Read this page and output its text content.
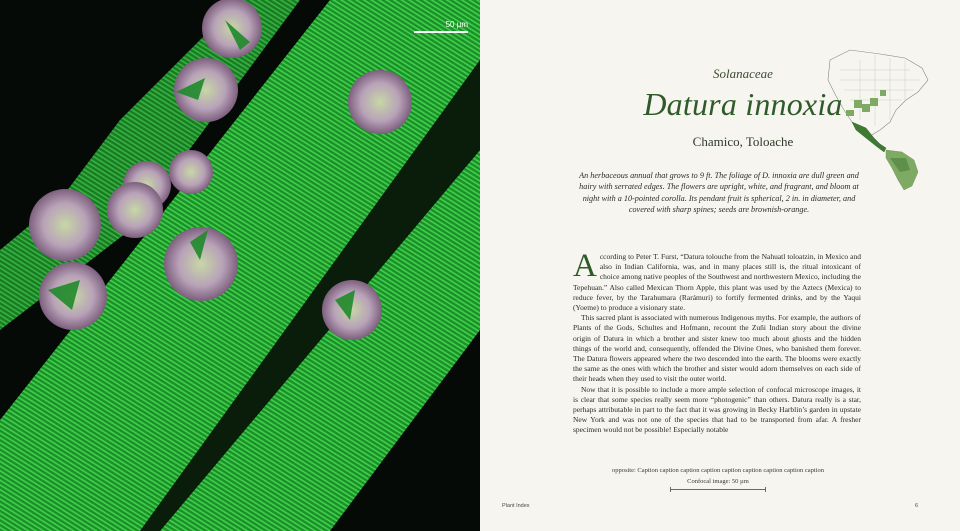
50 µm
Solanaceae
Datura innoxia
Chamico, Toloache
An herbaceous annual that grows to 9 ft. The foliage of D. innoxia are dull green and hairy with serrated edges. The flowers are upright, white, and fragrant, and bloom at night with a 10-pointed corolla. Its pendant fruit is spherical, 2 in. in diameter, and covered with sharp spines; seeds are brownish-orange.

According to Peter T. Furst, “Datura tolouche from the Nahuatl toloatzin, in Mexico and also in Indian California, was, and in many places still is, the ritual intoxicant of choice among native peoples of the Southwest and northwestern Mexico, including the Tepehuan.” Also called Mexican Thorn Apple, this plant was used by the Aztecs (Mexica) to reduce fever, by the Tarahumara (Rarámuri) to fortify fermented drinks, and by the Yaqui (Yoeme) to produce a visionary state.

This sacred plant is associated with numerous Indigenous myths. For example, the authors of Plants of the Gods, Schultes and Hofmann, recount the Zuñi Indian story about the divine origin of Datura in which a brother and sister knew too much about ghosts and the hidden things of the world and, consequently, offended the Divine Ones, who banished them forever. The Datura flowers appeared where the two descended into the earth. The blooms were exactly the same as the ones with which the brother and sister would adorn themselves on each side of their heads when they used to visit the outer world.

Now that it is possible to include a more ample selection of confocal microscope images, it is clear that some species really seem more “photogenic” than others. Datura really is a star, perhaps attributable in part to the fact that it was growing in Becky Harblin’s garden in upstate New York and was not one of the species that had to be transported from afar. A fresher specimen would not be possible! Especially notable

opposite: Caption caption caption caption caption caption caption caption caption
Confocal image: 50 µm
Plant Index	6
